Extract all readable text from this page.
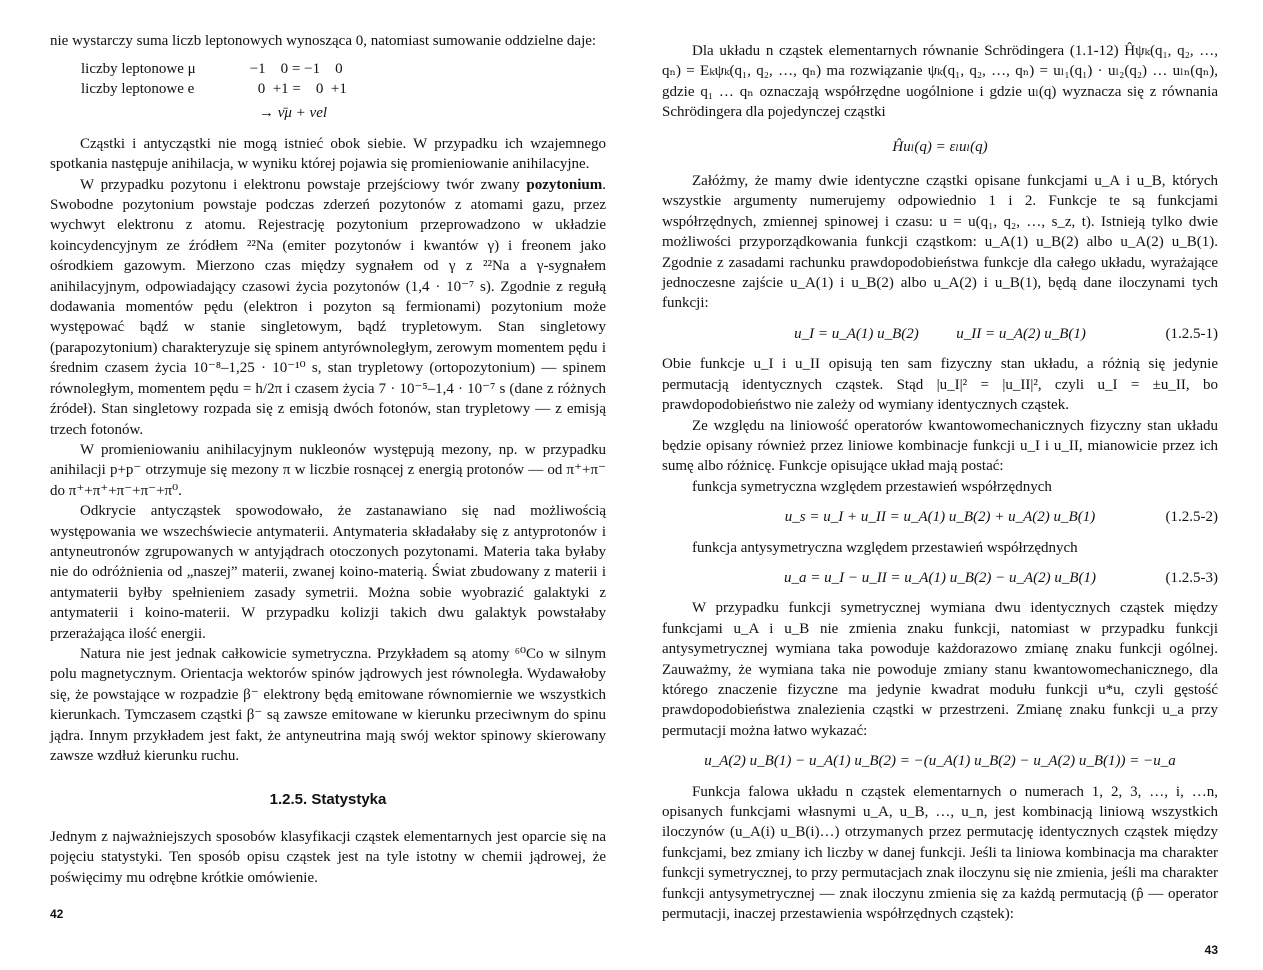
nie wystarczy suma liczb leptonowych wynosząca 0, natomiast sumowanie oddzielne daje:

liczby leptonowe μ	−1    0 = −1    0
liczby leptonowe e	0  +1 =    0  +1
→ ν̄μ + νel

Cząstki i antycząstki nie mogą istnieć obok siebie. W przypadku ich wzajemnego spotkania następuje anihilacja, w wyniku której pojawia się promieniowanie anihilacyjne.

W przypadku pozytonu i elektronu powstaje przejściowy twór zwany pozytonium. Swobodne pozytonium powstaje podczas zderzeń pozytonów z atomami gazu, przez wychwyt elektronu z atomu. Rejestrację pozytonium przeprowadzono w układzie koincydencyjnym ze źródłem ²²Na (emiter pozytonów i kwantów γ) i freonem jako ośrodkiem gazowym. Mierzono czas między sygnałem od γ z ²²Na a γ-sygnałem anihilacyjnym, odpowiadający czasowi życia pozytonów (1,4 · 10⁻⁷ s). Zgodnie z regułą dodawania momentów pędu (elektron i pozyton są fermionami) pozytonium może występować bądź w stanie singletowym, bądź trypletowym. Stan singletowy (parapozytonium) charakteryzuje się spinem antyrównoległym, zerowym momentem pędu i średnim czasem życia 10⁻⁸–1,25 · 10⁻¹⁰ s, stan trypletowy (ortopozytonium) — spinem równoległym, momentem pędu = h/2π i czasem życia 7 · 10⁻⁵–1,4 · 10⁻⁷ s (dane z różnych źródeł). Stan singletowy rozpada się z emisją dwóch fotonów, stan trypletowy — z emisją trzech fotonów.

W promieniowaniu anihilacyjnym nukleonów występują mezony, np. w przypadku anihilacji p+p⁻ otrzymuje się mezony π w liczbie rosnącej z energią protonów — od π⁺+π⁻ do π⁺+π⁺+π⁻+π⁻+π⁰.

Odkrycie antycząstek spowodowało, że zastanawiano się nad możliwością występowania we wszechświecie antymaterii. Antymateria składałaby się z antyprotonów i antyneutronów zgrupowanych w antyjądrach otoczonych pozytonami. Materia taka byłaby nie do odróżnienia od „naszej” materii, zwanej koino-materią. Świat zbudowany z materii i antymaterii byłby spełnieniem zasady symetrii. Można sobie wyobrazić galaktyki z antymaterii i koino-materii. W przypadku kolizji takich dwu galaktyk powstałaby przerażająca ilość energii.

Natura nie jest jednak całkowicie symetryczna. Przykładem są atomy ⁶⁰Co w silnym polu magnetycznym. Orientacja wektorów spinów jądrowych jest równoległa. Wydawałoby się, że powstające w rozpadzie β⁻ elektrony będą emitowane równomiernie we wszystkich kierunkach. Tymczasem cząstki β⁻ są zawsze emitowane w kierunku przeciwnym do spinu jądra. Innym przykładem jest fakt, że antyneutrina mają swój wektor spinowy skierowany zawsze wzdłuż kierunku ruchu.

1.2.5. Statystyka

Jednym z najważniejszych sposobów klasyfikacji cząstek elementarnych jest oparcie się na pojęciu statystyki. Ten sposób opisu cząstek jest na tyle istotny w chemii jądrowej, że poświęcimy mu odrębne krótkie omówienie.

42

Dla układu n cząstek elementarnych równanie Schrödingera (1.1-12) Ĥψₖ(q₁, q₂, …, qₙ) = Eₖψₖ(q₁, q₂, …, qₙ) ma rozwiązanie ψₖ(q₁, q₂, …, qₙ) = uₗ₁(q₁) · uₗ₂(q₂) … uₗₙ(qₙ), gdzie q₁ … qₙ oznaczają współrzędne uogólnione i gdzie uₗ(q) wyznacza się z równania Schrödingera dla pojedynczej cząstki

Ĥuₗ(q) = εₗuₗ(q)

Załóżmy, że mamy dwie identyczne cząstki opisane funkcjami u_A i u_B, których wszystkie argumenty numerujemy odpowiednio 1 i 2. Funkcje te są funkcjami współrzędnych, zmiennej spinowej i czasu: u = u(q₁, q₂, …, s_z, t). Istnieją tylko dwie możliwości przyporządkowania funkcji cząstkom: u_A(1) u_B(2) albo u_A(2) u_B(1). Zgodnie z zasadami rachunku prawdopodobieństwa funkcje dla całego układu, wyrażające jednoczesne zajście u_A(1) i u_B(2) albo u_A(2) i u_B(1), będą dane iloczynami tych funkcji:

u_I = u_A(1) u_B(2)          u_II = u_A(2) u_B(1)	(1.2.5-1)

Obie funkcje u_I i u_II opisują ten sam fizyczny stan układu, a różnią się jedynie permutacją identycznych cząstek. Stąd |u_I|² = |u_II|², czyli u_I = ±u_II, bo prawdopodobieństwo nie zależy od wymiany identycznych cząstek.

Ze względu na liniowość operatorów kwantowomechanicznych fizyczny stan układu będzie opisany również przez liniowe kombinacje funkcji u_I i u_II, mianowicie przez ich sumę albo różnicę. Funkcje opisujące układ mają postać:

funkcja symetryczna względem przestawień współrzędnych

u_s = u_I + u_II = u_A(1) u_B(2) + u_A(2) u_B(1)	(1.2.5-2)

funkcja antysymetryczna względem przestawień współrzędnych

u_a = u_I − u_II = u_A(1) u_B(2) − u_A(2) u_B(1)	(1.2.5-3)

W przypadku funkcji symetrycznej wymiana dwu identycznych cząstek między funkcjami u_A i u_B nie zmienia znaku funkcji, natomiast w przypadku funkcji antysymetrycznej wymiana taka powoduje każdorazowo zmianę znaku funkcji ogólnej. Zauważmy, że wymiana taka nie powoduje zmiany stanu kwantowomechanicznego, dla którego znaczenie fizyczne ma jedynie kwadrat modułu funkcji u*u, czyli gęstość prawdopodobieństwa znalezienia cząstki w przestrzeni. Zmianę znaku funkcji u_a przy permutacji można łatwo wykazać:

u_A(2) u_B(1) − u_A(1) u_B(2) = −(u_A(1) u_B(2) − u_A(2) u_B(1)) = −u_a

Funkcja falowa układu n cząstek elementarnych o numerach 1, 2, 3, …, i, …n, opisanych funkcjami własnymi u_A, u_B, …, u_n, jest kombinacją liniową wszystkich iloczynów (u_A(i) u_B(i)…) otrzymanych przez permutację identycznych cząstek między funkcjami, bez zmiany ich liczby w danej funkcji. Jeśli ta liniowa kombinacja ma charakter funkcji symetrycznej, to przy permutacjach znak iloczynu się nie zmienia, jeśli ma charakter funkcji antysymetrycznej — znak iloczynu zmienia się za każdą permutacją (p̂ — operator permutacji, inaczej przestawienia współrzędnych cząstek):

43
